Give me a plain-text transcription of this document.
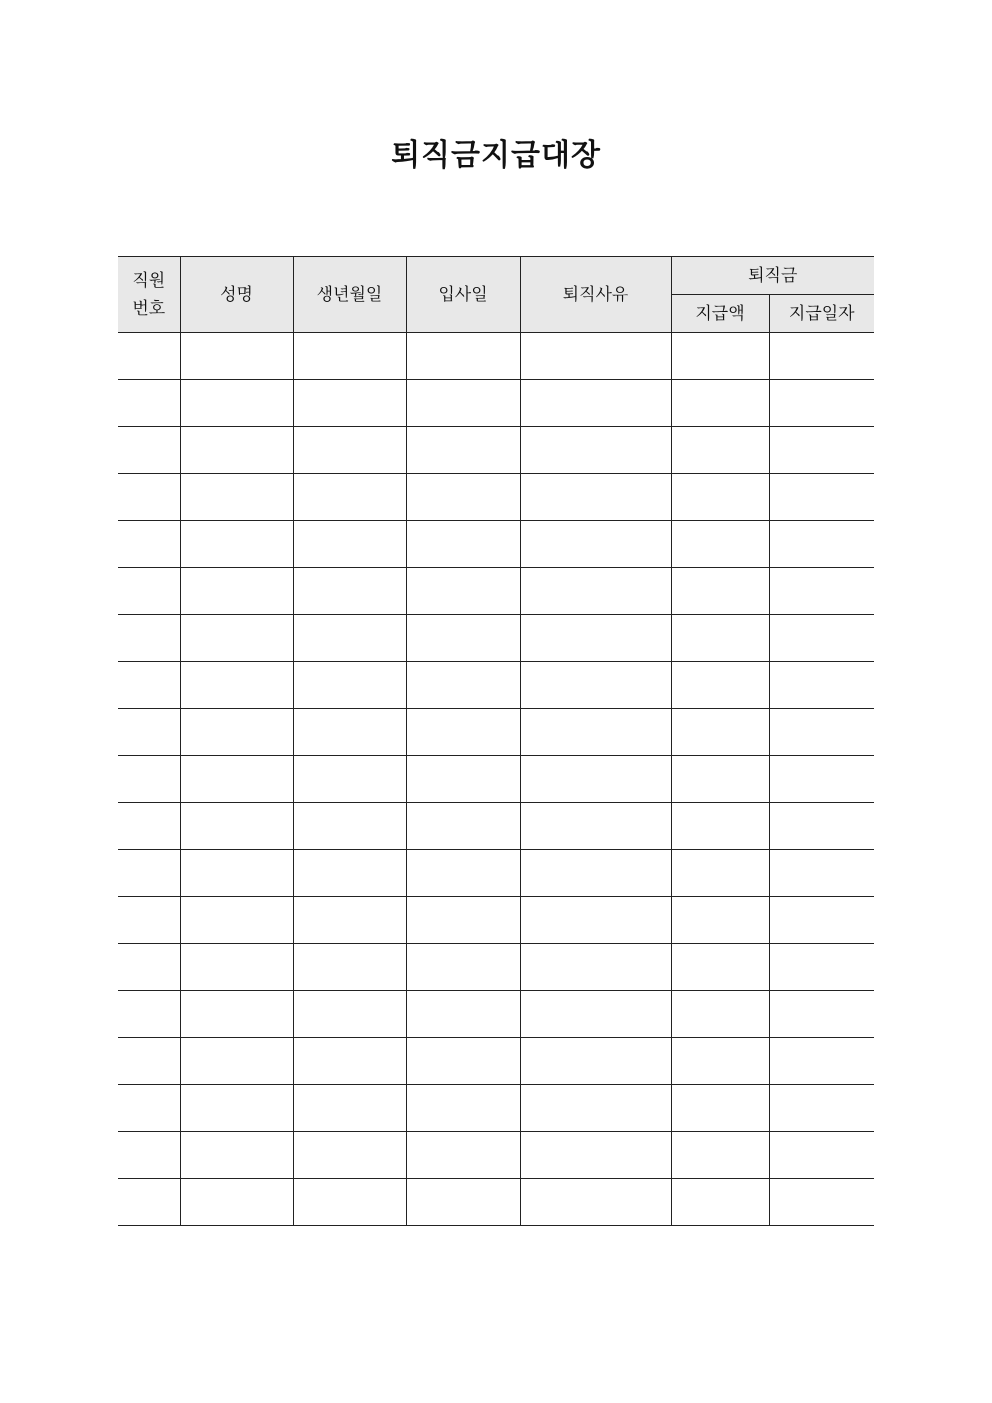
퇴직금지급대장
직원
번호	성명	생년월일	입사일	퇴직사유	퇴직금	
					지급액	지급일자
